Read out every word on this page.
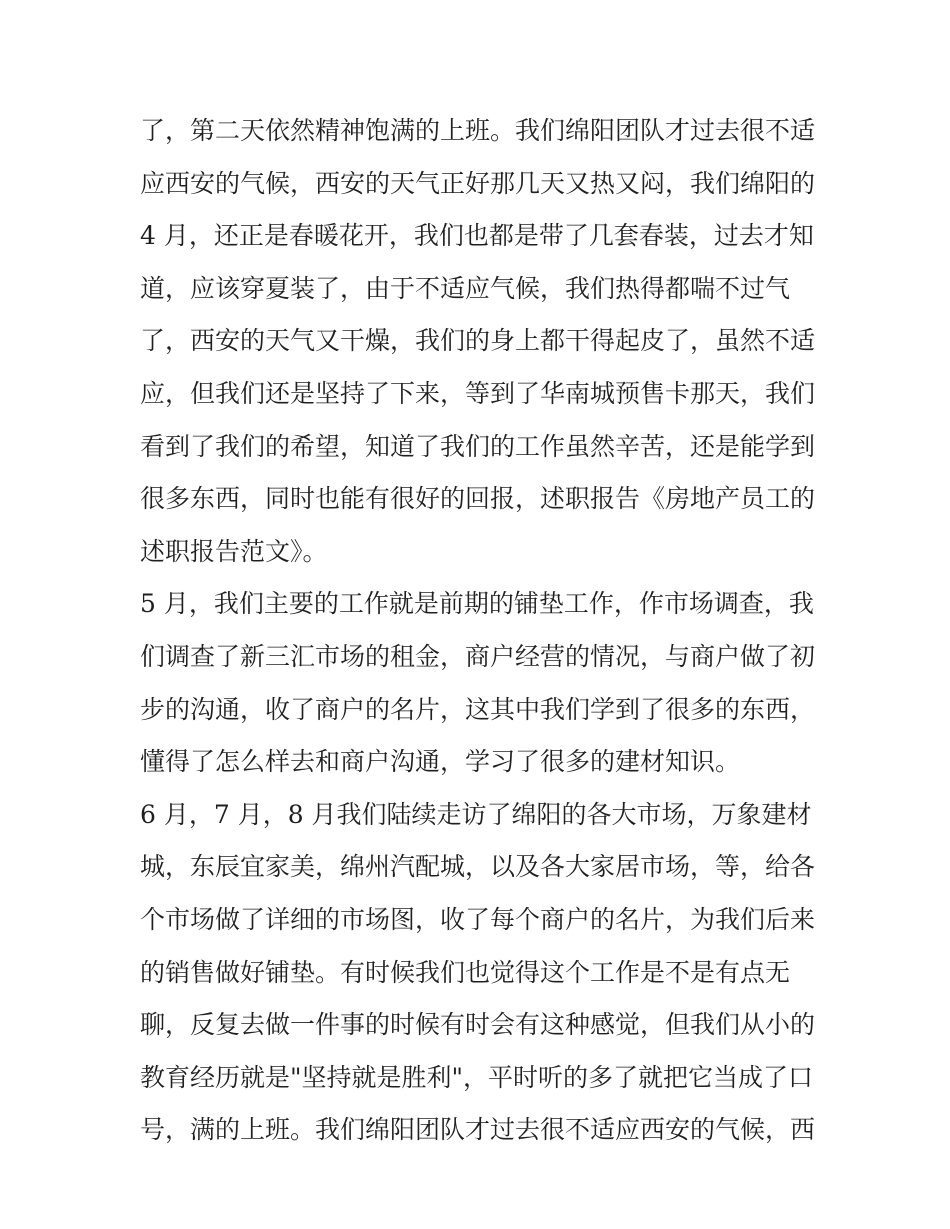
了，第二天依然精神饱满的上班。我们绵阳团队才过去很不适
应西安的气候，西安的天气正好那几天又热又闷，我们绵阳的
4 月，还正是春暖花开，我们也都是带了几套春装，过去才知
道，应该穿夏装了，由于不适应气候，我们热得都喘不过气
了，西安的天气又干燥，我们的身上都干得起皮了，虽然不适
应，但我们还是坚持了下来，等到了华南城预售卡那天，我们
看到了我们的希望，知道了我们的工作虽然辛苦，还是能学到
很多东西，同时也能有很好的回报，述职报告《房地产员工的
述职报告范文》。
5 月，我们主要的工作就是前期的铺垫工作，作市场调查，我
们调查了新三汇市场的租金，商户经营的情况，与商户做了初
步的沟通，收了商户的名片，这其中我们学到了很多的东西，
懂得了怎么样去和商户沟通，学习了很多的建材知识。
6 月，7 月，8 月我们陆续走访了绵阳的各大市场，万象建材
城，东辰宜家美，绵州汽配城，以及各大家居市场，等，给各
个市场做了详细的市场图，收了每个商户的名片，为我们后来
的销售做好铺垫。有时候我们也觉得这个工作是不是有点无
聊，反复去做一件事的时候有时会有这种感觉，但我们从小的
教育经历就是"坚持就是胜利"，平时听的多了就把它当成了口
号，满的上班。我们绵阳团队才过去很不适应西安的气候，西
